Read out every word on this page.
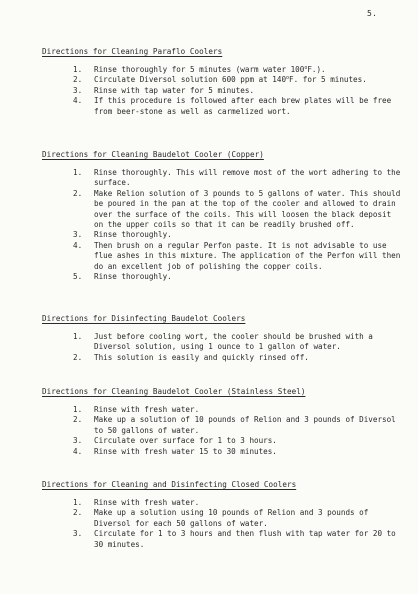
5.
Directions for Cleaning Paraflo Coolers
1. Rinse thoroughly for 5 minutes (warm water 100$^o$F.).
2. Circulate Diversol solution 600 ppm at 140$^o$F. for 5 minutes.
3. Rinse with tap water for 5 minutes.
4. If this procedure is followed after each brew plates will be free from beer-stone as well as carmelized wort.
Directions for Cleaning Baudelot Cooler (Copper)
1. Rinse thoroughly. This will remove most of the wort adhering to the surface.
2. Make Relion solution of 3 pounds to 5 gallons of water. This should be poured in the pan at the top of the cooler and allowed to drain over the surface of the coils. This will loosen the black deposit on the upper coils so that it can be readily brushed off.
3. Rinse thoroughly.
4. Then brush on a regular Perfon paste. It is not advisable to use flue ashes in this mixture. The application of the Perfon will then do an excellent job of polishing the copper coils.
5. Rinse thoroughly.
Directions for Disinfecting Baudelot Coolers
1. Just before cooling wort, the cooler should be brushed with a Diversol solution, using 1 ounce to 1 gallon of water.
2. This solution is easily and quickly rinsed off.
Directions for Cleaning Baudelot Cooler (Stainless Steel)
1. Rinse with fresh water.
2. Make up a solution of 10 pounds of Relion and 3 pounds of Diversol to 50 gallons of water.
3. Circulate over surface for 1 to 3 hours.
4. Rinse with fresh water 15 to 30 minutes.
Directions for Cleaning and Disinfecting Closed Coolers
1. Rinse with fresh water.
2. Make up a solution using 10 pounds of Relion and 3 pounds of Diversol for each 50 gallons of water.
3. Circulate for 1 to 3 hours and then flush with tap water for 20 to 30 minutes.
